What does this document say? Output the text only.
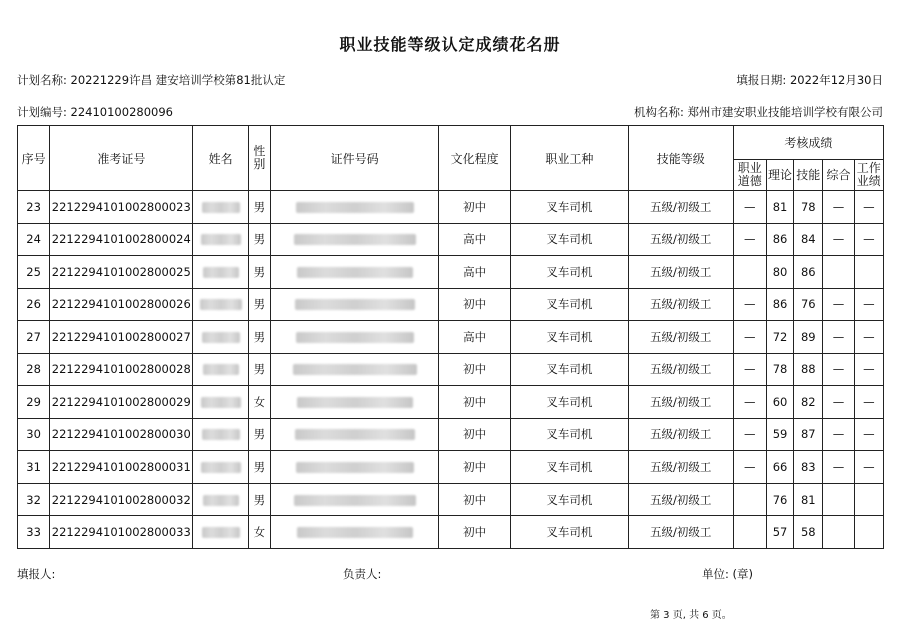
职业技能等级认定成绩花名册
计划名称: 20221229许昌 建安培训学校第81批认定	填报日期: 2022年12月30日
计划编号: 22410100280096	机构名称: 郑州市建安职业技能培训学校有限公司
序号	准考证号	姓名	性别	证件号码	文化程度	职业工种	技能等级	考核成绩				
								职业道德	理论	技能	综合	工作业绩
23	2212294101002800023		男		初中	叉车司机	五级/初级工	—	81	78	—	—
24	2212294101002800024		男		高中	叉车司机	五级/初级工	—	86	84	—	—
25	2212294101002800025		男		高中	叉车司机	五级/初级工		80	86		
26	2212294101002800026		男		初中	叉车司机	五级/初级工	—	86	76	—	—
27	2212294101002800027		男		高中	叉车司机	五级/初级工	—	72	89	—	—
28	2212294101002800028		男		初中	叉车司机	五级/初级工	—	78	88	—	—
29	2212294101002800029		女		初中	叉车司机	五级/初级工	—	60	82	—	—
30	2212294101002800030		男		初中	叉车司机	五级/初级工	—	59	87	—	—
31	2212294101002800031		男		初中	叉车司机	五级/初级工	—	66	83	—	—
32	2212294101002800032		男		初中	叉车司机	五级/初级工		76	81		
33	2212294101002800033		女		初中	叉车司机	五级/初级工		57	58		
填报人:	负责人:	单位: (章)
第 3 页, 共 6 页。
